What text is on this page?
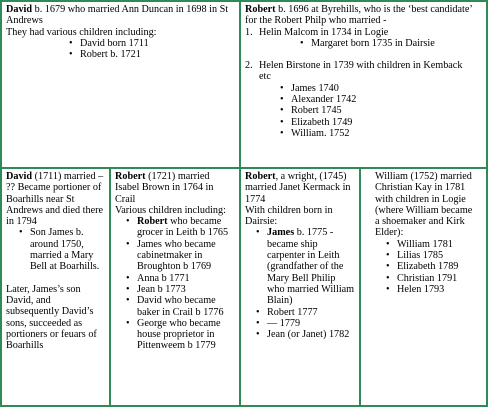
David b. 1679 who married Ann Duncan in 1698 in St Andrews

They had various children including:

• David born 1711
• Robert b. 1721

Robert b. 1696 at Byrehills, who is the ‘best candidate’ for the Robert Philp who married -

1. Helin Malcom in 1734 in Logie
• Margaret born 1735 in Dairsie
2. Helen Birstone in 1739 with children in Kemback etc
• James 1740
• Alexander 1742
• Robert 1745
• Elizabeth 1749
• William. 1752

David (1711) married – ?? Became portioner of Boarhills near St Andrews and died there in 1794

• Son James b. around 1750, married a Mary Bell at Boarhills.

Later, James’s son David, and subsequently David’s sons, succeeded as portioners or feuars of Boarhills

Robert (1721) married Isabel Brown in 1764 in Crail

Various children including:

• Robert who became grocer in Leith b 1765
• James who became cabinetmaker in Broughton b 1769
• Anna b 1771
• Jean b 1773
• David who became baker in Crail b 1776
• George who became house proprietor in Pittenweem b 1779

Robert, a wright, (1745) married Janet Kermack in 1774

With children born in Dairsie:

• James b. 1775 - became ship carpenter in Leith (grandfather of the Mary Bell Philip who married William Blain)
• Robert 1777
• — 1779
• Jean (or Janet) 1782

William (1752) married Christian Kay in 1781 with children in Logie (where William became a shoemaker and Kirk Elder):

• William 1781
• Lilias 1785
• Elizabeth 1789
• Christian 1791
• Helen 1793
